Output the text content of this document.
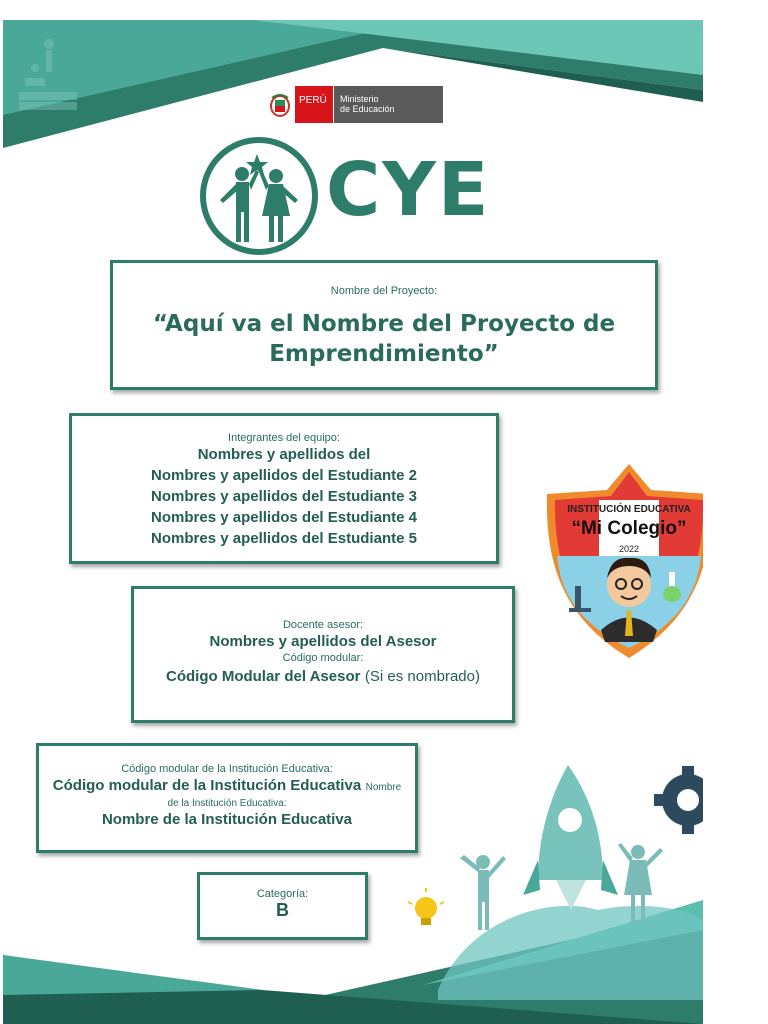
PERÚ	Ministerio
de Educación
CYE
Nombre del Proyecto:
“Aquí va el Nombre del Proyecto de Emprendimiento”
Integrantes del equipo:
Nombres y apellidos del
Nombres y apellidos del Estudiante 2
Nombres y apellidos del Estudiante 3
Nombres y apellidos del Estudiante 4
Nombres y apellidos del Estudiante 5
INSTITUCIÓN EDUCATIVA
“Mi Colegio”
2022
Docente asesor:
Nombres y apellidos del Asesor
Código modular:
Código Modular del Asesor (Si es nombrado)
Código modular de la Institución Educativa:
Código modular de la Institución Educativa Nombre
de la Institución Educativa:
Nombre de la Institución Educativa
Categoría:
B
